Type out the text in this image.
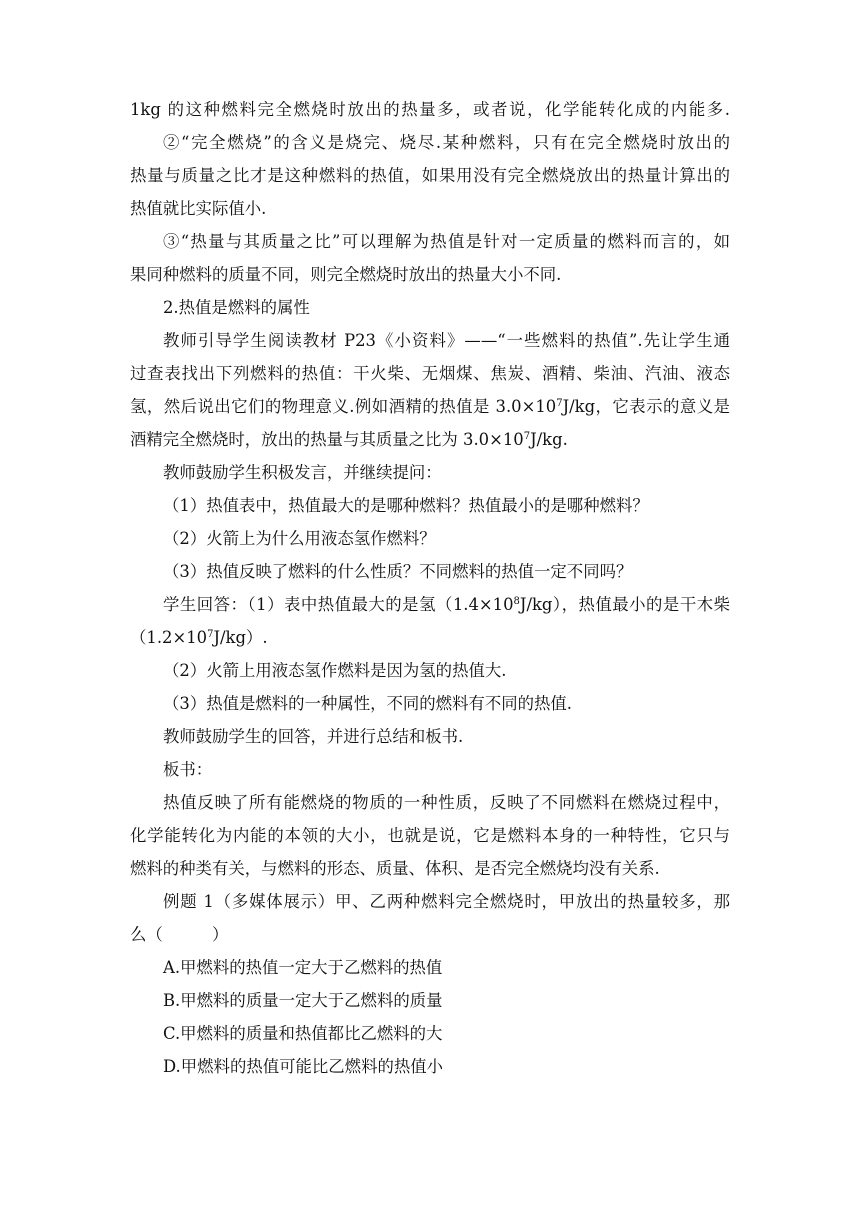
1kg 的这种燃料完全燃烧时放出的热量多，或者说，化学能转化成的内能多.
②“完全燃烧”的含义是烧完、烧尽.某种燃料，只有在完全燃烧时放出的
热量与质量之比才是这种燃料的热值，如果用没有完全燃烧放出的热量计算出的
热值就比实际值小.
③“热量与其质量之比”可以理解为热值是针对一定质量的燃料而言的，如
果同种燃料的质量不同，则完全燃烧时放出的热量大小不同.
2.热值是燃料的属性
教师引导学生阅读教材 P23《小资料》——“一些燃料的热值”.先让学生通
过查表找出下列燃料的热值：干火柴、无烟煤、焦炭、酒精、柴油、汽油、液态
氢，然后说出它们的物理意义.例如酒精的热值是 $3.0\times 10^7J/kg$，它表示的意义是
酒精完全燃烧时，放出的热量与其质量之比为 $3.0\times 10^7J/kg$.
教师鼓励学生积极发言，并继续提问：
（1）热值表中，热值最大的是哪种燃料？热值最小的是哪种燃料？
（2）火箭上为什么用液态氢作燃料？
（3）热值反映了燃料的什么性质？不同燃料的热值一定不同吗？
学生回答：（1）表中热值最大的是氢$(1.4\times 10^8J/kg)$，热值最小的是干木柴
$(1.2\times 10^7J/kg)$.
（2）火箭上用液态氢作燃料是因为氢的热值大.
（3）热值是燃料的一种属性，不同的燃料有不同的热值.
教师鼓励学生的回答，并进行总结和板书.
板书：
热值反映了所有能燃烧的物质的一种性质，反映了不同燃料在燃烧过程中，
化学能转化为内能的本领的大小，也就是说，它是燃料本身的一种特性，它只与
燃料的种类有关，与燃料的形态、质量、体积、是否完全燃烧均没有关系.
例题 1（多媒体展示）甲、乙两种燃料完全燃烧时，甲放出的热量较多，那
么（　　　）
A.甲燃料的热值一定大于乙燃料的热值
B.甲燃料的质量一定大于乙燃料的质量
C.甲燃料的质量和热值都比乙燃料的大
D.甲燃料的热值可能比乙燃料的热值小
